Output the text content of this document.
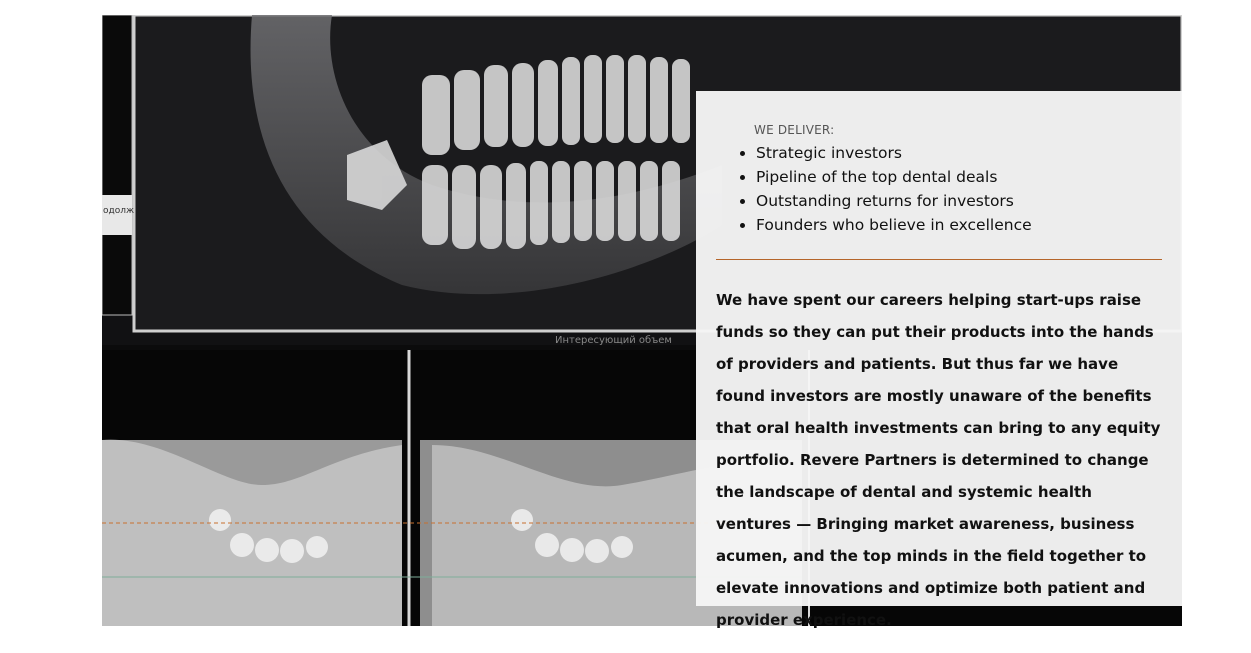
одолж
Интересующий объем
WE DELIVER:
• Strategic investors
• Pipeline of the top dental deals
• Outstanding returns for investors
• Founders who believe in excellence

We have spent our careers helping start-ups raise funds so they can put their products into the hands of providers and patients. But thus far we have found investors are mostly unaware of the benefits that oral health investments can bring to any equity portfolio. Revere Partners is determined to change the landscape of dental and systemic health ventures — Bringing market awareness, business acumen, and the top minds in the field together to elevate innovations and optimize both patient and provider experience.
